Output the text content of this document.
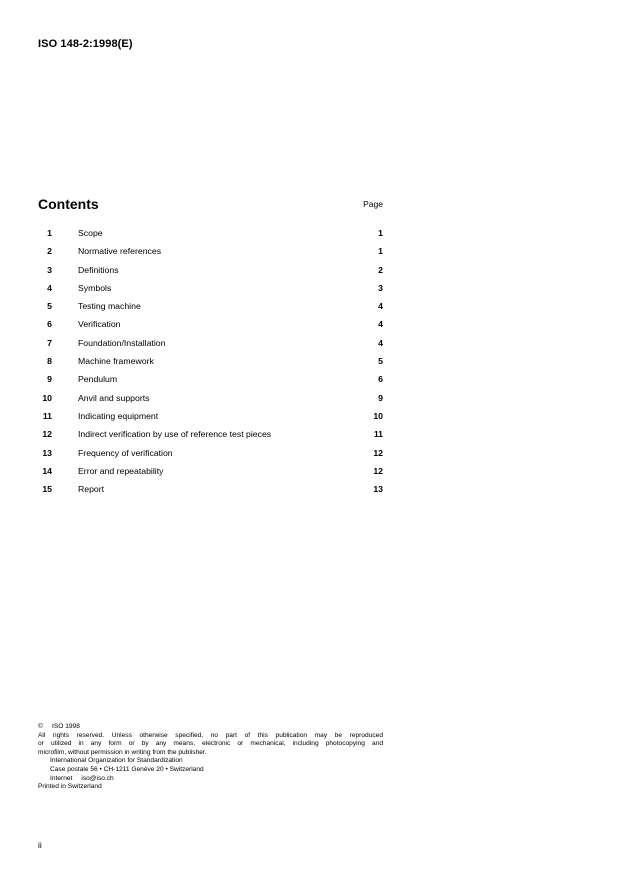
ISO 148-2:1998(E)
Contents	Page
1	Scope . . .	1
2	Normative references . . .	1
3	Definitions . . .	2
4	Symbols . . .	3
5	Testing machine . . .	4
6	Verification . . .	4
7	Foundation/Installation . . .	4
8	Machine framework . . .	5
9	Pendulum . . .	6
10	Anvil and supports . . .	9
11	Indicating equipment . . .	10
12	Indirect verification by use of reference test pieces . . .	11
13	Frequency of verification . . .	12
14	Error and repeatability . . .	12
15	Report . . .	13
© ISO 1998
All rights reserved. Unless otherwise specified, no part of this publication may be reproduced
or utilized in any form or by any means, electronic or mechanical, including photocopying and
microfilm, without permission in writing from the publisher.
International Organization for Standardization
Case postale 56 • CH-1211 Genève 20 • Switzerland
Internet iso@iso.ch
Printed in Switzerland
ii
